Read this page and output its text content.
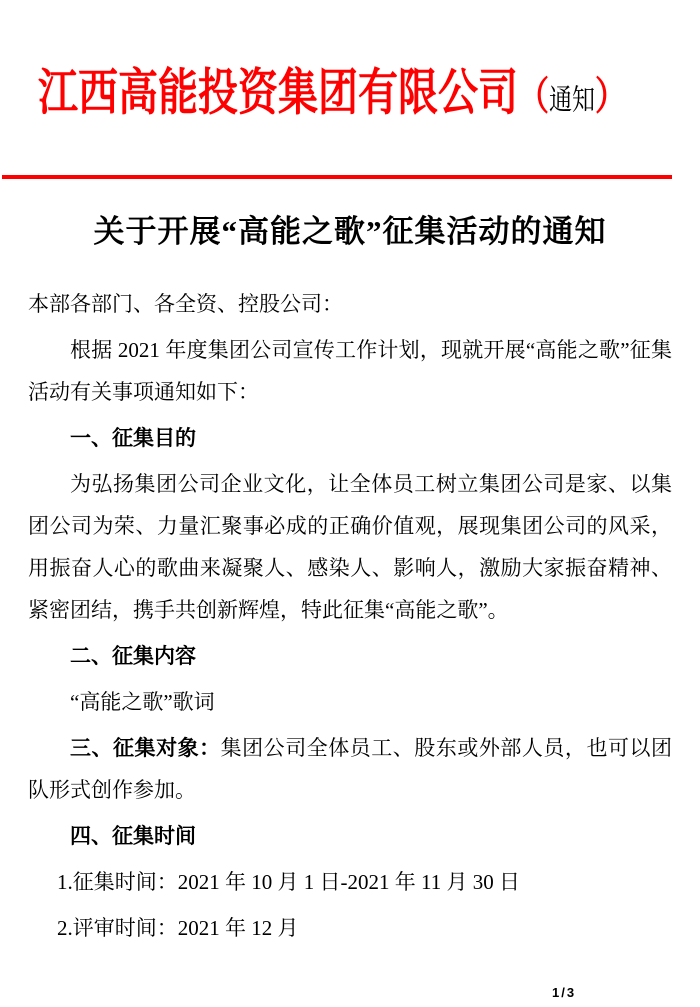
江西高能投资集团有限公司（通知）
关于开展“高能之歌”征集活动的通知

本部各部门、各全资、控股公司：

根据 2021 年度集团公司宣传工作计划，现就开展“高能之歌”征集活动有关事项通知如下：

一、征集目的

为弘扬集团公司企业文化，让全体员工树立集团公司是家、以集团公司为荣、力量汇聚事必成的正确价值观，展现集团公司的风采，用振奋人心的歌曲来凝聚人、感染人、影响人，激励大家振奋精神、紧密团结，携手共创新辉煌，特此征集“高能之歌”。

二、征集内容

“高能之歌”歌词

三、征集对象：集团公司全体员工、股东或外部人员，也可以团队形式创作参加。

四、征集时间

1.征集时间：2021 年 10 月 1 日-2021 年 11 月 30 日

2.评审时间：2021 年 12 月

1/3
